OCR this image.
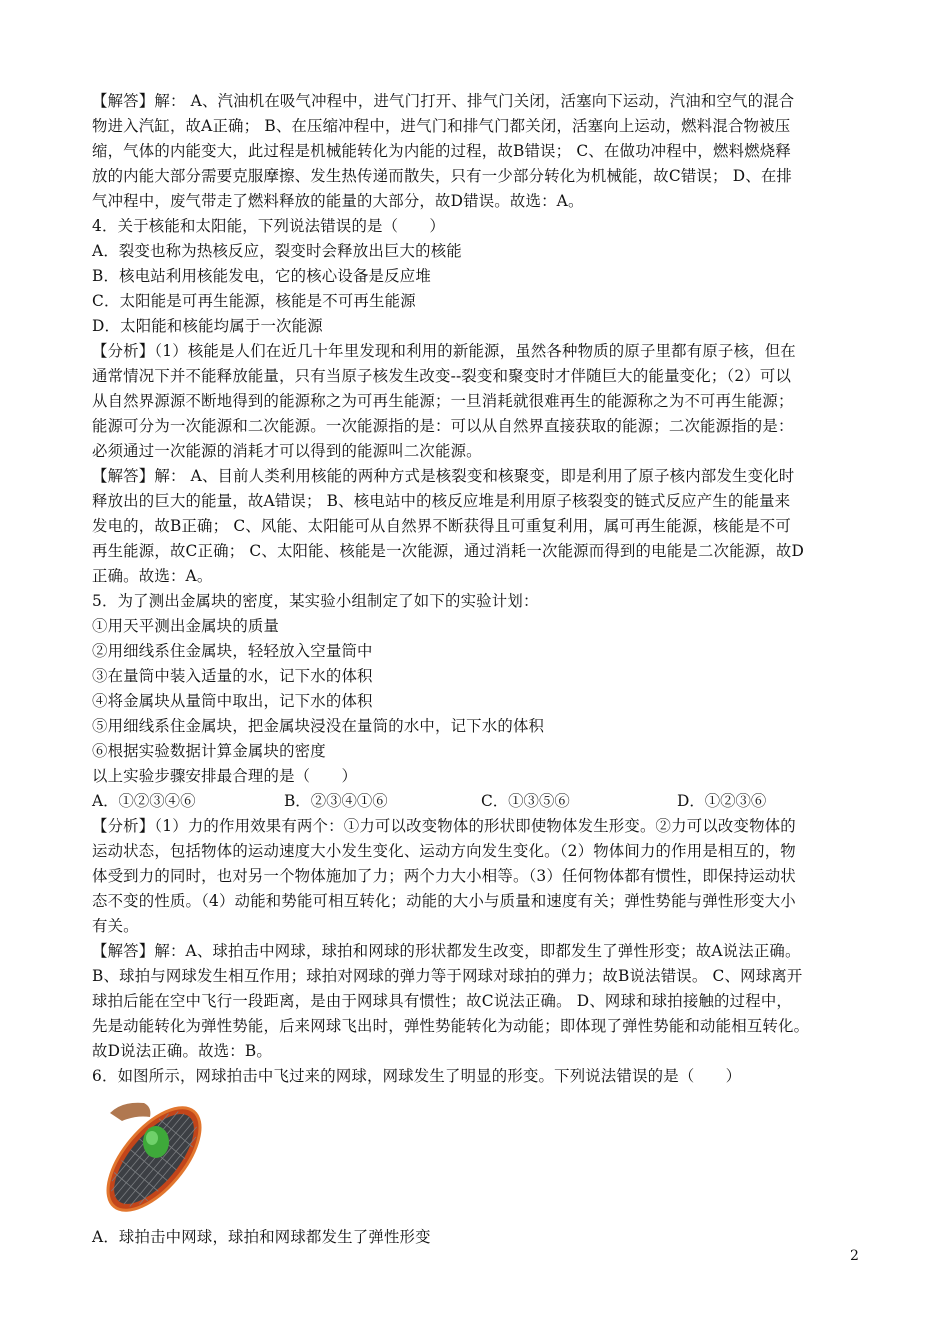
【解答】解： A、汽油机在吸气冲程中，进气门打开、排气门关闭，活塞向下运动，汽油和空气的混合
物进入汽缸，故A正确； B、在压缩冲程中，进气门和排气门都关闭，活塞向上运动，燃料混合物被压
缩，气体的内能变大，此过程是机械能转化为内能的过程，故B错误； C、在做功冲程中，燃料燃烧释
放的内能大部分需要克服摩擦、发生热传递而散失，只有一少部分转化为机械能，故C错误； D、在排
气冲程中，废气带走了燃料释放的能量的大部分，故D错误。故选：A。
4．关于核能和太阳能，下列说法错误的是（　　）
A．裂变也称为热核反应，裂变时会释放出巨大的核能
B．核电站利用核能发电，它的核心设备是反应堆
C．太阳能是可再生能源，核能是不可再生能源
D．太阳能和核能均属于一次能源
【分析】（1）核能是人们在近几十年里发现和利用的新能源，虽然各种物质的原子里都有原子核，但在
通常情况下并不能释放能量，只有当原子核发生改变--裂变和聚变时才伴随巨大的能量变化；（2）可以
从自然界源源不断地得到的能源称之为可再生能源；一旦消耗就很难再生的能源称之为不可再生能源；
能源可分为一次能源和二次能源。一次能源指的是：可以从自然界直接获取的能源；二次能源指的是：
必须通过一次能源的消耗才可以得到的能源叫二次能源。
【解答】解： A、目前人类利用核能的两种方式是核裂变和核聚变，即是利用了原子核内部发生变化时
释放出的巨大的能量，故A错误； B、核电站中的核反应堆是利用原子核裂变的链式反应产生的能量来
发电的，故B正确； C、风能、太阳能可从自然界不断获得且可重复利用，属可再生能源，核能是不可
再生能源，故C正确； C、太阳能、核能是一次能源，通过消耗一次能源而得到的电能是二次能源，故D
正确。故选：A。
5．为了测出金属块的密度，某实验小组制定了如下的实验计划：
①用天平测出金属块的质量
②用细线系住金属块，轻轻放入空量筒中
③在量筒中装入适量的水，记下水的体积
④将金属块从量筒中取出，记下水的体积
⑤用细线系住金属块，把金属块浸没在量筒的水中，记下水的体积
⑥根据实验数据计算金属块的密度
以上实验步骤安排最合理的是（　　）
A．①②③④⑥	B．②③④①⑥	C．①③⑤⑥	D．①②③⑥
【分析】（1）力的作用效果有两个：①力可以改变物体的形状即使物体发生形变。②力可以改变物体的
运动状态，包括物体的运动速度大小发生变化、运动方向发生变化。（2）物体间力的作用是相互的，物
体受到力的同时，也对另一个物体施加了力；两个力大小相等。（3）任何物体都有惯性，即保持运动状
态不变的性质。（4）动能和势能可相互转化；动能的大小与质量和速度有关；弹性势能与弹性形变大小
有关。
【解答】解：A、球拍击中网球，球拍和网球的形状都发生改变，即都发生了弹性形变；故A说法正确。
B、球拍与网球发生相互作用；球拍对网球的弹力等于网球对球拍的弹力；故B说法错误。 C、网球离开
球拍后能在空中飞行一段距离，是由于网球具有惯性；故C说法正确。 D、网球和球拍接触的过程中，
先是动能转化为弹性势能，后来网球飞出时，弹性势能转化为动能；即体现了弹性势能和动能相互转化。
故D说法正确。故选：B。
6．如图所示，网球拍击中飞过来的网球，网球发生了明显的形变。下列说法错误的是（　　）
A．球拍击中网球，球拍和网球都发生了弹性形变
2
